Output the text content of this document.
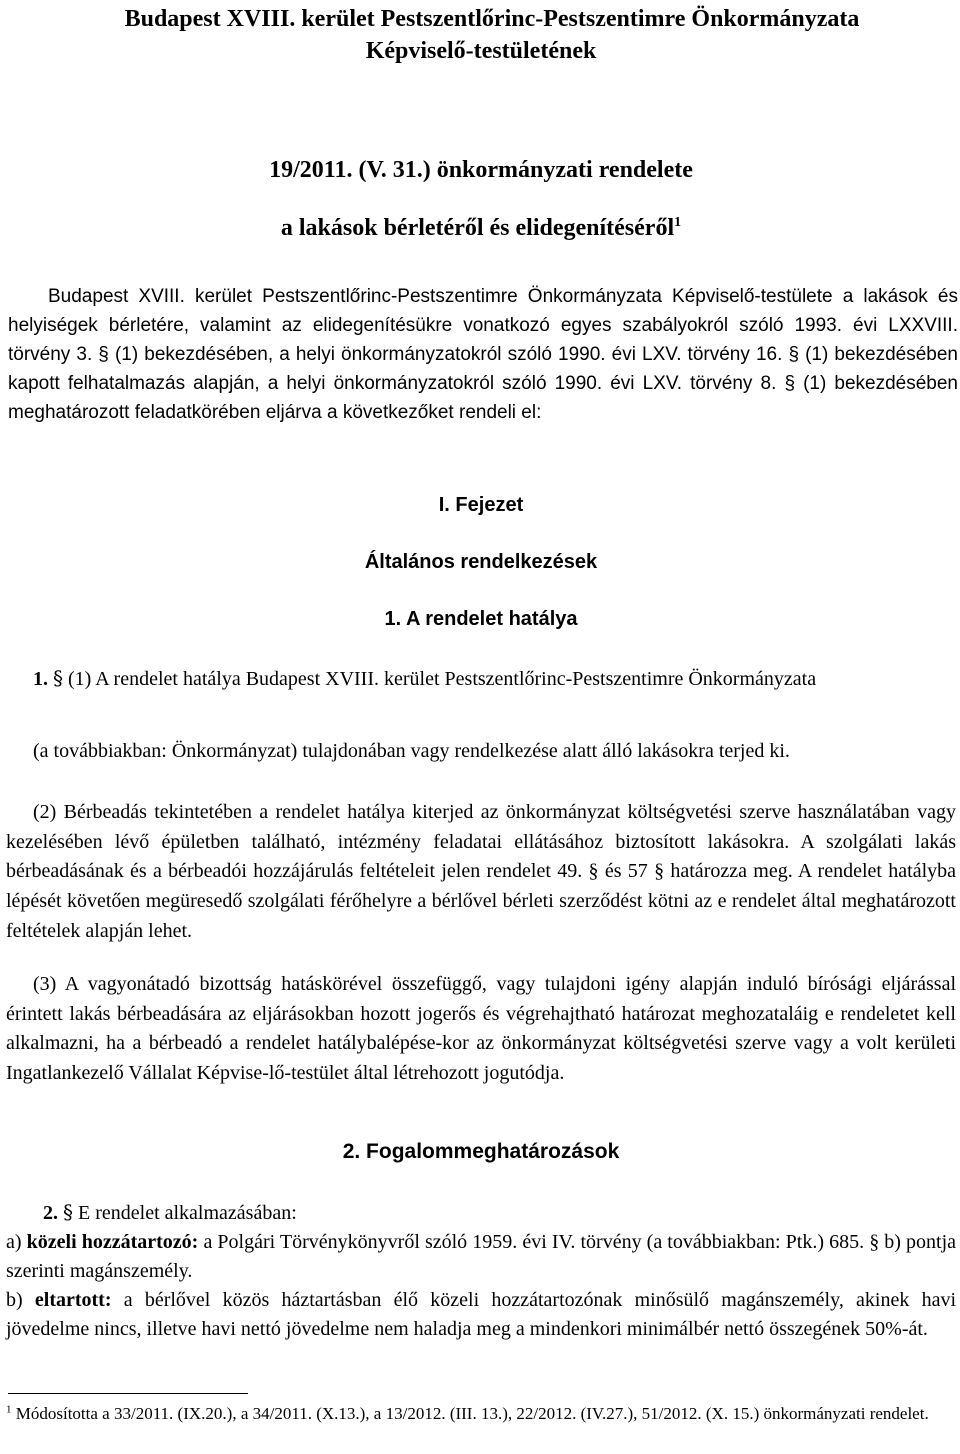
Budapest XVIII. kerület Pestszentlőrinc-Pestszentimre Önkormányzata
Képviselő-testületének
19/2011. (V. 31.) önkormányzati rendelete
a lakások bérletéről és elidegenítéséről$^1$
Budapest XVIII. kerület Pestszentlőrinc-Pestszentimre Önkormányzata Képviselő-testülete a lakások és helyiségek bérletére, valamint az elidegenítésükre vonatkozó egyes szabályokról szóló 1993. évi LXXVIII. törvény 3. § (1) bekezdésében, a helyi önkormányzatokról szóló 1990. évi LXV. törvény 16. § (1) bekezdésében kapott felhatalmazás alapján, a helyi önkormányzatokról szóló 1990. évi LXV. törvény 8. § (1) bekezdésében meghatározott feladatkörében eljárva a következőket rendeli el:
I. Fejezet
Általános rendelkezések
1. A rendelet hatálya
1. § (1) A rendelet hatálya Budapest XVIII. kerület Pestszentlőrinc-Pestszentimre Önkormányzata
(a továbbiakban: Önkormányzat) tulajdonában vagy rendelkezése alatt álló lakásokra terjed ki.
(2) Bérbeadás tekintetében a rendelet hatálya kiterjed az önkormányzat költségvetési szerve használatában vagy kezelésében lévő épületben található, intézmény feladatai ellátásához biztosított lakásokra. A szolgálati lakás bérbeadásának és a bérbeadói hozzájárulás feltételeit jelen rendelet 49. § és 57 § határozza meg. A rendelet hatályba lépését követően megüresedő szolgálati férőhelyre a bérlővel bérleti szerződést kötni az e rendelet által meghatározott feltételek alapján lehet.
(3) A vagyonátadó bizottság hatáskörével összefüggő, vagy tulajdoni igény alapján induló bírósági eljárással érintett lakás bérbeadására az eljárásokban hozott jogerős és végrehajtható határozat meghozataláig e rendeletet kell alkalmazni, ha a bérbeadó a rendelet hatálybalépése-kor az önkormányzat költségvetési szerve vagy a volt kerületi Ingatlankezelő Vállalat Képvise-lő-testület által létrehozott jogutódja.
2. Fogalommeghatározások
2. § E rendelet alkalmazásában:
a) közeli hozzátartozó: a Polgári Törvénykönyvről szóló 1959. évi IV. törvény (a továbbiakban: Ptk.) 685. § b) pontja szerinti magánszemély.
b) eltartott: a bérlővel közös háztartásban élő közeli hozzátartozónak minősülő magánszemély, akinek havi jövedelme nincs, illetve havi nettó jövedelme nem haladja meg a mindenkori minimálbér nettó összegének 50%-át.
$^1$ Módosította a 33/2011. (IX.20.), a 34/2011. (X.13.), a 13/2012. (III. 13.), 22/2012. (IV.27.), 51/2012. (X. 15.) önkormányzati rendelet.
